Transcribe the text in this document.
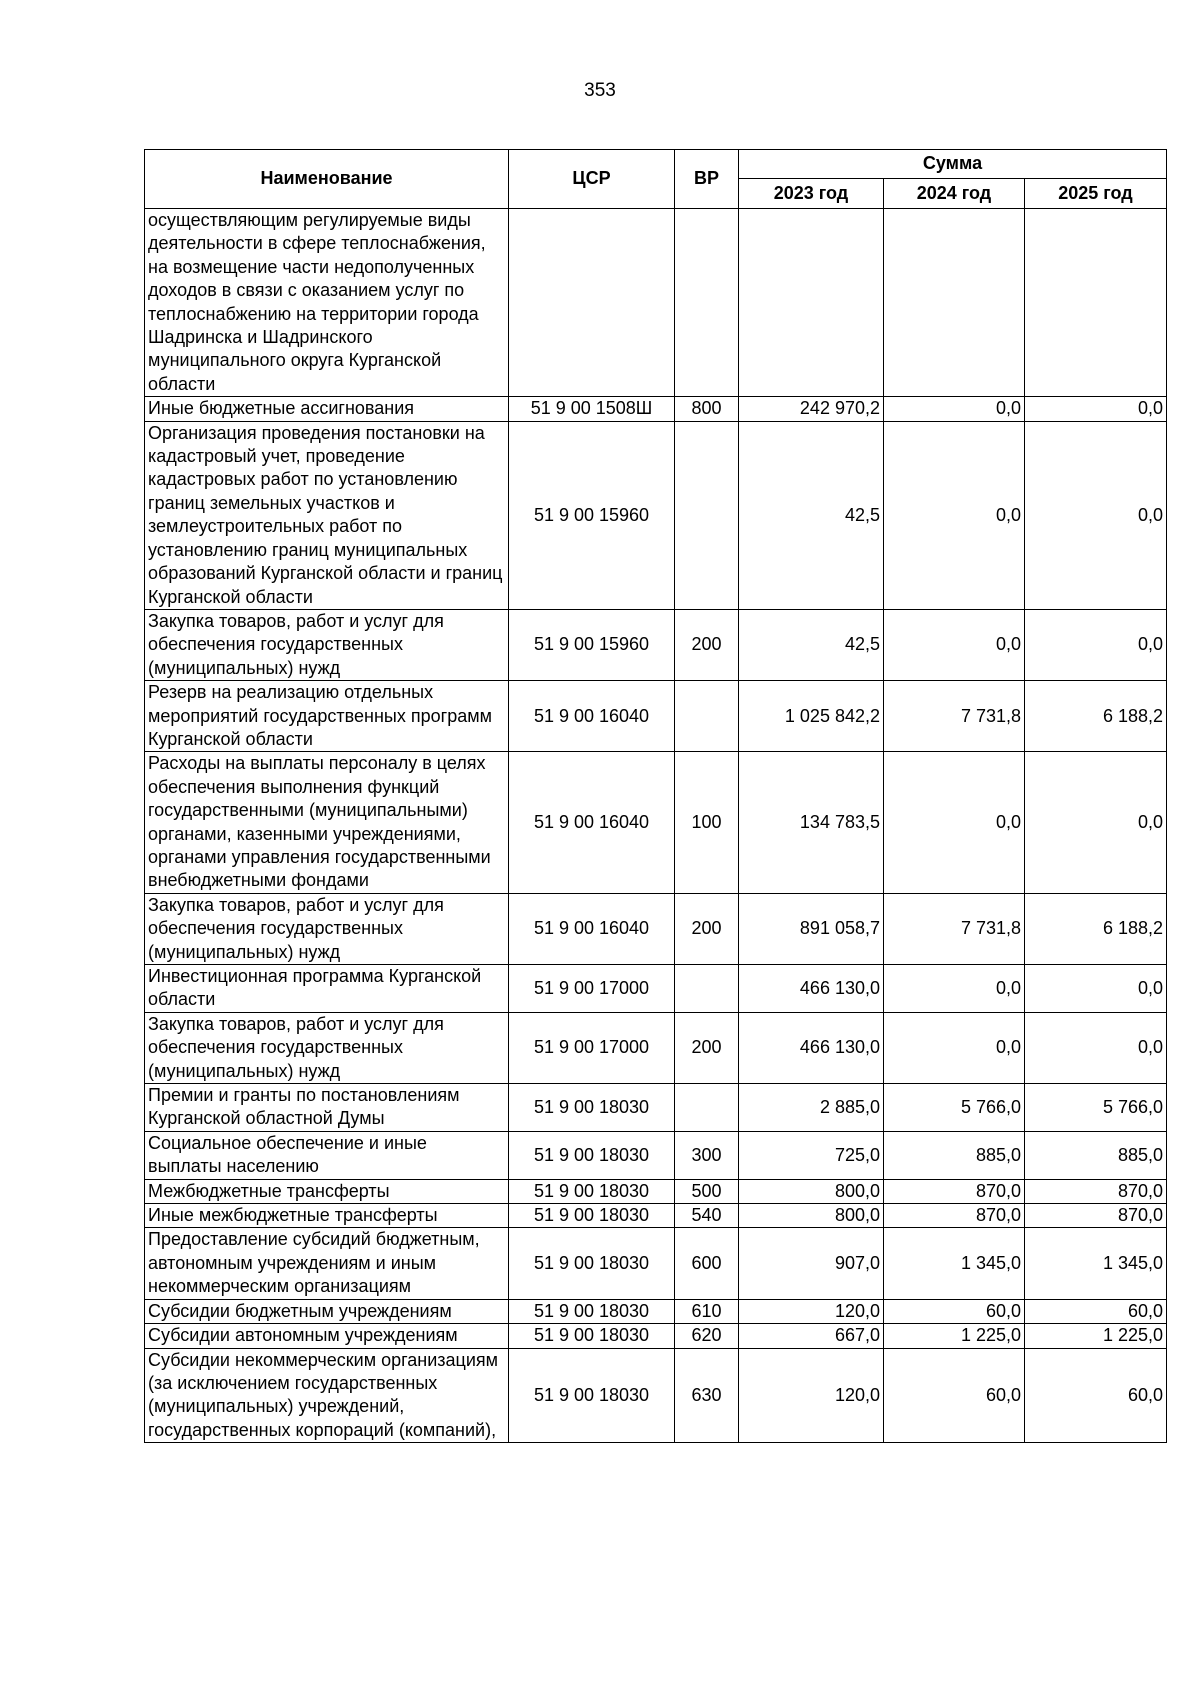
353
Наименование	ЦСР	ВР	Сумма		
			2023 год	2024 год	2025 год
осуществляющим регулируемые виды деятельности в сфере теплоснабжения, на возмещение части недополученных доходов в связи с оказанием услуг по теплоснабжению на территории города Шадринска и Шадринского муниципального округа Курганской области					
Иные бюджетные ассигнования	51 9 00 1508Ш	800	242 970,2	0,0	0,0
Организация проведения постановки на кадастровый учет, проведение кадастровых работ по установлению границ земельных участков и землеустроительных работ по установлению границ муниципальных образований Курганской области и границ Курганской области	51 9 00 15960		42,5	0,0	0,0
Закупка товаров, работ и услуг для обеспечения государственных (муниципальных) нужд	51 9 00 15960	200	42,5	0,0	0,0
Резерв на реализацию отдельных мероприятий государственных программ Курганской области	51 9 00 16040		1 025 842,2	7 731,8	6 188,2
Расходы на выплаты персоналу в целях обеспечения выполнения функций государственными (муниципальными) органами, казенными учреждениями, органами управления государственными внебюджетными фондами	51 9 00 16040	100	134 783,5	0,0	0,0
Закупка товаров, работ и услуг для обеспечения государственных (муниципальных) нужд	51 9 00 16040	200	891 058,7	7 731,8	6 188,2
Инвестиционная программа Курганской области	51 9 00 17000		466 130,0	0,0	0,0
Закупка товаров, работ и услуг для обеспечения государственных (муниципальных) нужд	51 9 00 17000	200	466 130,0	0,0	0,0
Премии и гранты по постановлениям Курганской областной Думы	51 9 00 18030		2 885,0	5 766,0	5 766,0
Социальное обеспечение и иные выплаты населению	51 9 00 18030	300	725,0	885,0	885,0
Межбюджетные трансферты	51 9 00 18030	500	800,0	870,0	870,0
Иные межбюджетные трансферты	51 9 00 18030	540	800,0	870,0	870,0
Предоставление субсидий бюджетным, автономным учреждениям и иным некоммерческим организациям	51 9 00 18030	600	907,0	1 345,0	1 345,0
Субсидии бюджетным учреждениям	51 9 00 18030	610	120,0	60,0	60,0
Субсидии автономным учреждениям	51 9 00 18030	620	667,0	1 225,0	1 225,0
Субсидии некоммерческим организациям (за исключением государственных (муниципальных) учреждений, государственных корпораций (компаний),	51 9 00 18030	630	120,0	60,0	60,0
